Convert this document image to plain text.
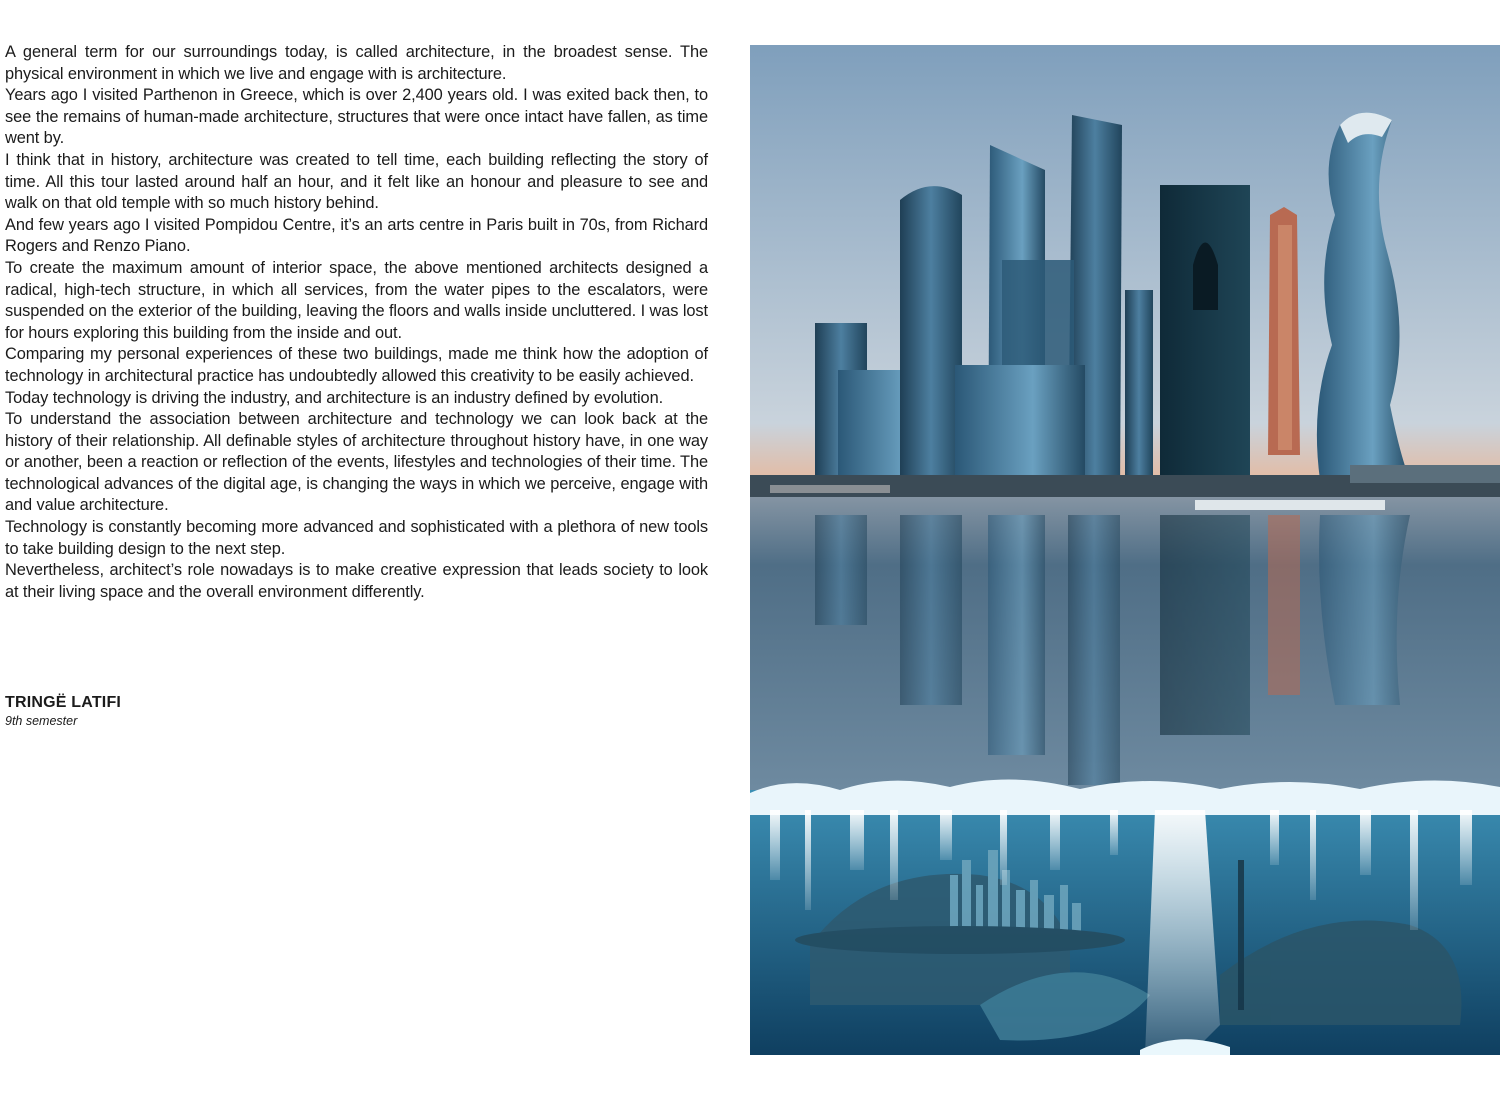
A general term for our surroundings today, is called architecture, in the broadest sense. The physical environment in which we live and engage with is architecture.

Years ago I visited Parthenon in Greece, which is over 2,400 years old. I was exited back then, to see the remains of human-made architecture, structures that were once intact have fallen, as time went by.

I think that in history, architecture was created to tell time, each building reflecting the story of time. All this tour lasted around half an hour, and it felt like an honour and pleasure to see and walk on that old temple with so much history behind.

And few years ago I visited Pompidou Centre, it’s an arts centre in Paris built in 70s, from Richard Rogers and Renzo Piano.

To create the maximum amount of interior space, the above mentioned architects designed a radical, high-tech structure, in which all services, from the water pipes to the escalators, were suspended on the exterior of the building, leaving the floors and walls inside uncluttered. I was lost for hours exploring this building from the inside and out.

Comparing my personal experiences of these two buildings, made me think how the adoption of technology in architectural practice has undoubtedly allowed this creativity to be easily achieved.

Today technology is driving the industry, and architecture is an industry defined by evolution.

To understand the association between architecture and technology we can look back at the history of their relationship. All definable styles of architecture throughout history have, in one way or another, been a reaction or reflection of the events, lifestyles and technologies of their time. The technological advances of the digital age, is changing the ways in which we perceive, engage with and value architecture.

Technology is constantly becoming more advanced and sophisticated with a plethora of new tools to take building design to the next step.

Nevertheless, architect’s role nowadays is to make creative expression that leads society to look at their living space and the overall environment differently.

TRINGË LATIFI
9th semester
